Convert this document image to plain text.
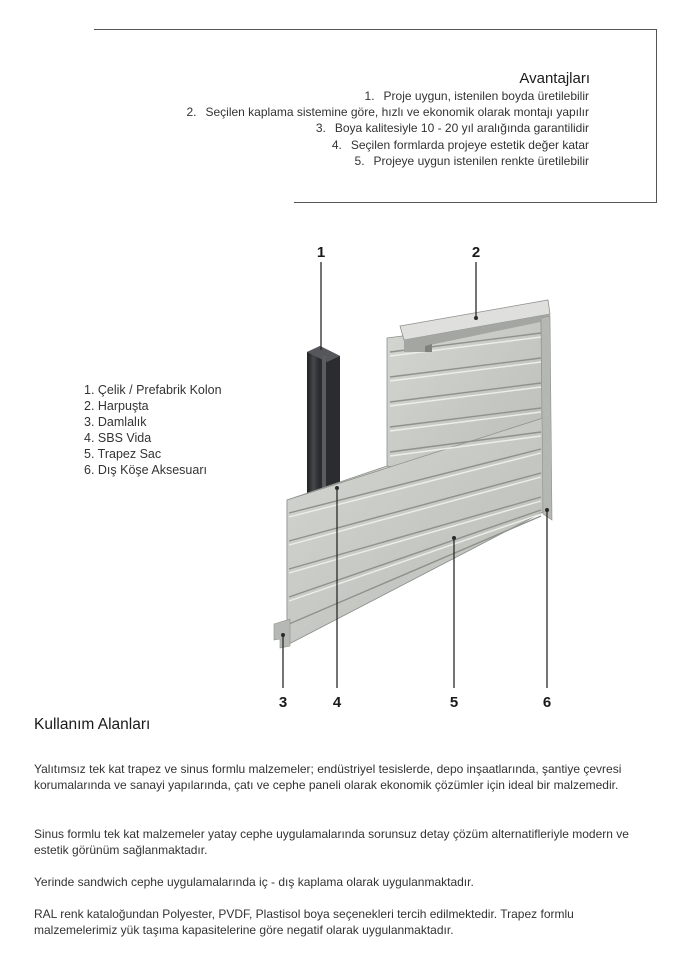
Avantajları
1. Proje uygun, istenilen boyda üretilebilir
2. Seçilen kaplama sistemine göre, hızlı ve ekonomik olarak montajı yapılır
3. Boya kalitesiyle 10 - 20 yıl aralığında garantilidir
4. Seçilen formlarda projeye estetik değer katar
5. Projeye uygun istenilen renkte üretilebilir
1. Çelik / Prefabrik Kolon
2. Harpuşta
3. Damlalık
4. SBS Vida
5. Trapez Sac
6. Dış Köşe Aksesuarı
1	2
3	4	5	6
Kullanım Alanları

Yalıtımsız tek kat trapez ve sinus formlu malzemeler; endüstriyel tesislerde, depo inşaatlarında, şantiye çevresi korumalarında ve sanayi yapılarında, çatı ve cephe paneli olarak ekonomik çözümler için ideal bir malzemedir.

Sinus formlu tek kat malzemeler yatay cephe uygulamalarında sorunsuz detay çözüm alternatifleriyle modern ve estetik görünüm sağlanmaktadır.

Yerinde sandwich cephe uygulamalarında iç - dış kaplama olarak uygulanmaktadır.

RAL renk kataloğundan Polyester, PVDF, Plastisol boya seçenekleri tercih edilmektedir. Trapez formlu malzemelerimiz yük taşıma kapasitelerine göre negatif olarak uygulanmaktadır.
